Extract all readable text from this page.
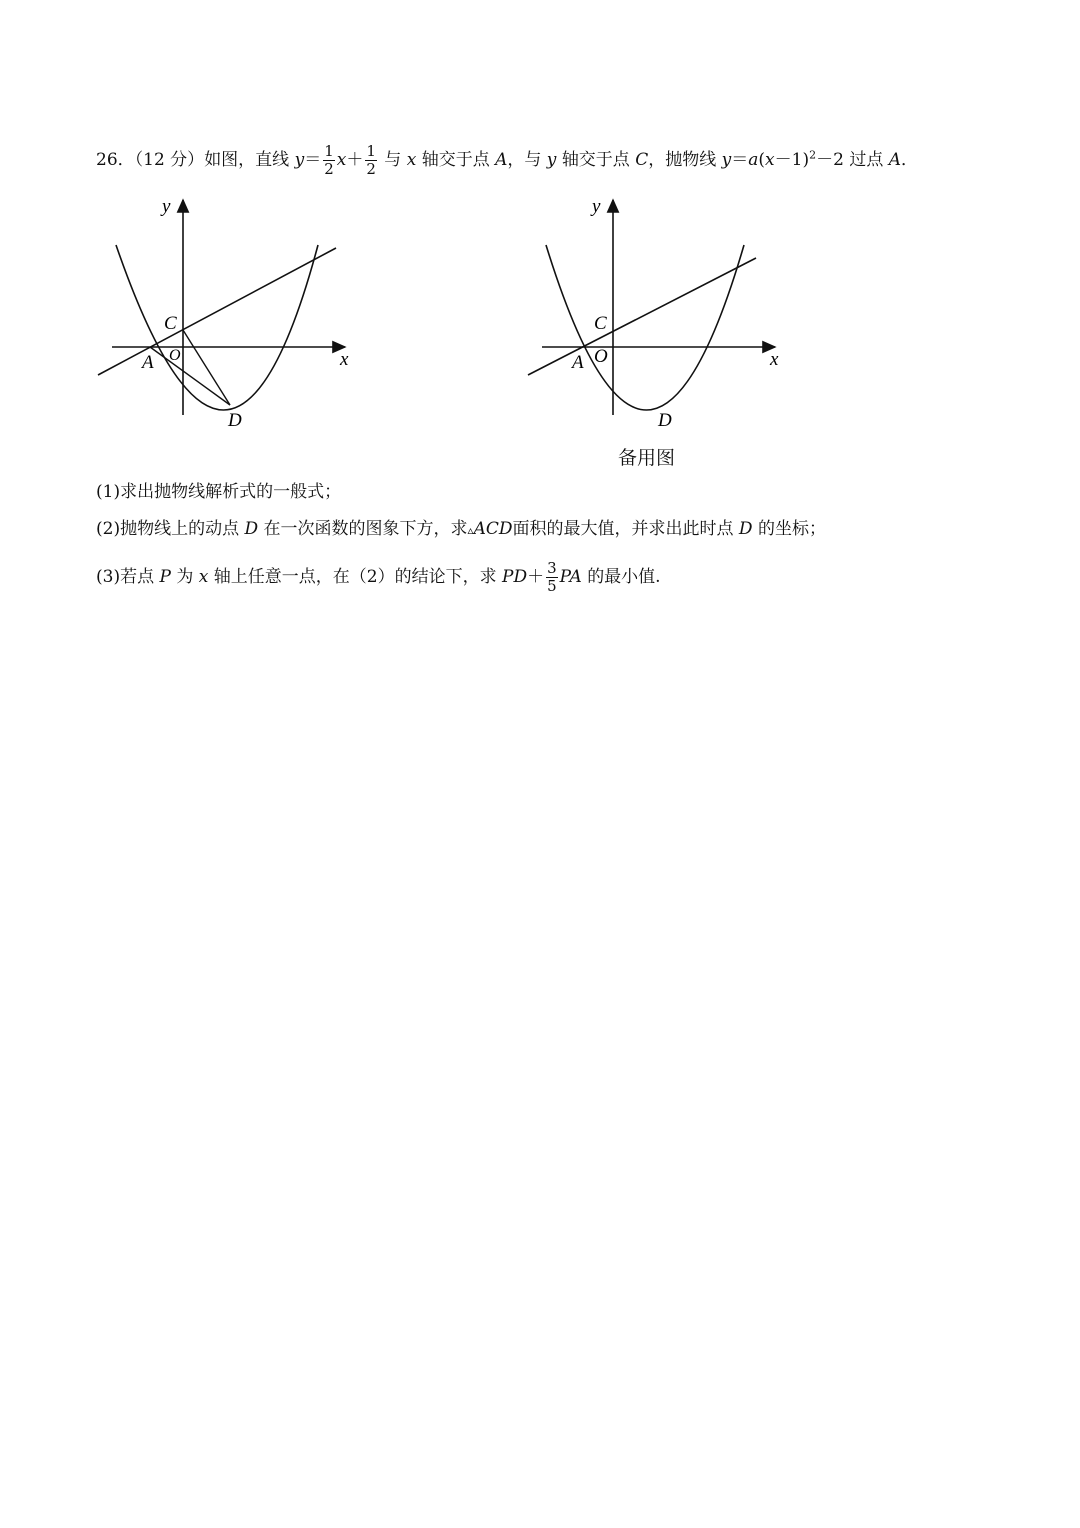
26．（12 分）如图，直线 $y= \frac{1}{2} x+ \frac{1}{2}$ 与 x 轴交于点 A，与 y 轴交于点 C，抛物线 $y=a(x-1)^2-2$ 过点 A．
y
x
C
O
A
D
y
x
C
O
A
D
备用图
(1)求出抛物线解析式的一般式；
(2)抛物线上的动点 D 在一次函数的图象下方，求▵ACD面积的最大值，并求出此时点 D 的坐标；
(3)若点 P 为 x 轴上任意一点，在（2）的结论下，求 $PD+ \frac{3}{5}$ PA 的最小值.
